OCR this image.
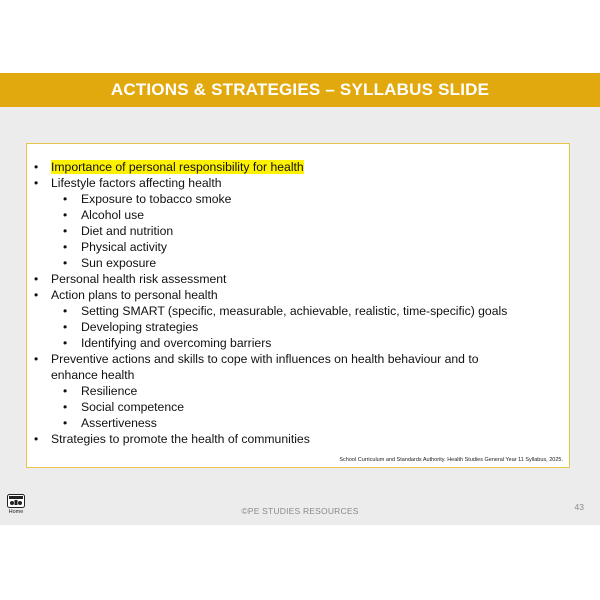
ACTIONS & STRATEGIES – SYLLABUS SLIDE
• Importance of personal responsibility for health
• Lifestyle factors affecting health
• Exposure to tobacco smoke
• Alcohol use
• Diet and nutrition
• Physical activity
• Sun exposure
• Personal health risk assessment
• Action plans to personal health
• Setting SMART (specific, measurable, achievable, realistic, time-specific) goals
• Developing strategies
• Identifying and overcoming barriers
• Preventive actions and skills to cope with influences on health behaviour and to enhance health
• Resilience
• Social competence
• Assertiveness
• Strategies to promote the health of communities
School Curriculum and Standards Authority. Health Studies General Year 11 Syllabus, 2025.
Home	©PE STUDIES RESOURCES	43
